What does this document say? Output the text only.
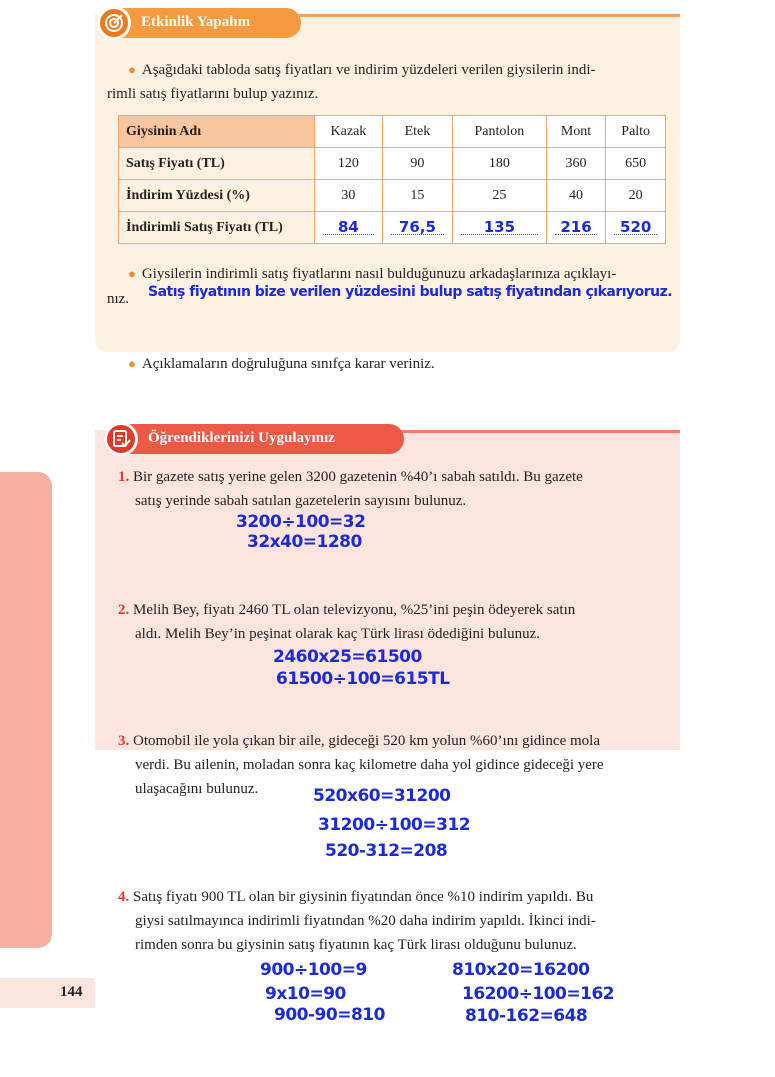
Etkinlik Yapalım
● Aşağıdaki tabloda satış fiyatları ve indirim yüzdeleri verilen giysilerin indi-
rimli satış fiyatlarını bulup yazınız.
Giysinin Adı	Kazak	Etek	Pantolon	Mont	Palto
Satış Fiyatı (TL)	120	90	180	360	650
İndirim Yüzdesi (%)	30	15	25	40	20
İndirimli Satış Fiyatı (TL)	84	76,5	135	216	520
● Giysilerin indirimli satış fiyatlarını nasıl bulduğunuzu arkadaşlarınıza açıklayı-
nız. Satış fiyatının bize verilen yüzdesini bulup satış fiyatından çıkarıyoruz.
● Açıklamaların doğruluğuna sınıfça karar veriniz.
Öğrendiklerinizi Uygulayınız
1. Bir gazete satış yerine gelen 3200 gazetenin %40’ı sabah satıldı. Bu gazete
satış yerinde sabah satılan gazetelerin sayısını bulunuz.
3200÷100=32
32x40=1280
2. Melih Bey, fiyatı 2460 TL olan televizyonu, %25’ini peşin ödeyerek satın
aldı. Melih Bey’in peşinat olarak kaç Türk lirası ödediğini bulunuz.
2460x25=61500
61500÷100=615TL
3. Otomobil ile yola çıkan bir aile, gideceği 520 km yolun %60’ını gidince mola
verdi. Bu ailenin, moladan sonra kaç kilometre daha yol gidince gideceği yere
ulaşacağını bulunuz.	520x60=31200
31200÷100=312
520-312=208
4. Satış fiyatı 900 TL olan bir giysinin fiyatından önce %10 indirim yapıldı. Bu
giysi satılmayınca indirimli fiyatından %20 daha indirim yapıldı. İkinci indi-
rimden sonra bu giysinin satış fiyatının kaç Türk lirası olduğunu bulunuz.
900÷100=9
9x10=90
900-90=810
810x20=16200
16200÷100=162
810-162=648
144
